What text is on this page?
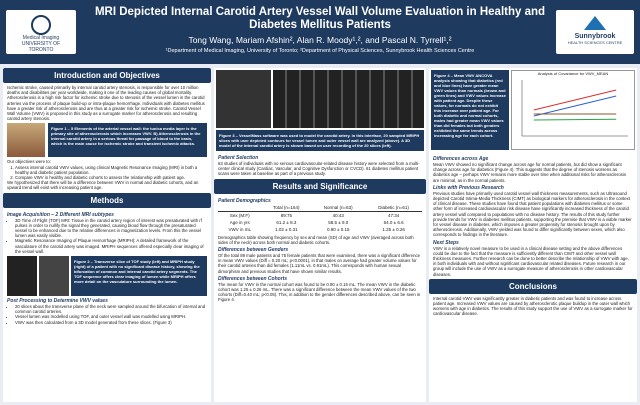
Medical Imaging UNIVERSITY OF TORONTO
MRI Depicted Internal Carotid Artery Vessel Wall Volume Evaluation in Healthy and Diabetes Mellitus Patients
Tong Wang, Mariam Afshin², Alan R. Moody¹,², and Pascal N. Tyrrell¹,²
¹Department of Medical Imaging, University of Toronto; ²Department of Physical Sciences, Sunnybrook Health Sciences Centre
Sunnybrook
HEALTH SCIENCES CENTRE
Introduction and Objectives

Ischemic stroke, caused primarily by internal carotid artery stenosis, is responsible for over 10 million deaths and disabilities per year worldwide, making it one of the leading causes of global mortality. Atherosclerosis is a high risk factor for ischemic stroke due to stenosis of the vessel lumen in the carotid arteries via the process of plaque build-up or intra-plaque hemorrhage. Individuals with diabetes mellitus have a greater risk of atherosclerosis and are thus at a greater risk for ischemic stroke. Carotid Vessel Wall Volume (VWV) is proposed in this study as a surrogate marker for atherosclerosis and resulting carotid artery stenosis.

Figure 1 – 5 Elements of the arterial vessel wall: the tunica media layer is the primary site of atherosclerosis which increases VWV. B) Atherosclerosis in the internal carotid artery in a serious threat for passage of blood to the brain, which is the main cause for ischemic stroke and transient ischemic attacks.

Our objectives were to:

1. Assess internal carotid VWV values, using clinical Magnetic Resonance Imaging (MRI) in both a healthy and diabetic patient population.
2. Compare VWV in healthy and diabetic cohorts to assess the relationship with patient age.

We hypothesized that there will be a difference between VWV in normal and diabetic cohorts, and an upward trend will exist with increasing patient age.

Methods
Image Acquisition – 2 Different MRI subtypes
• 3D Time of Flight (TOF) MRI: Tissue in the carotid artery region of interest was presaturated with rf pulses in order to nullify the signal they generated, causing blood flow through the presaturated vessel to be enhanced due to the relative differences in magnetization levels. From this the vessel lumen was easily visible.
• Magnetic Resonance Imaging of Plaque Hemorrhage (MRIPH): A detailed framework of the vasculature of the carotid artery was imaged. MRIPH sequences offered especially clear imaging of the vessel wall.
Figure 2 – Transverse slice of TOF study (left) and MRIPH study (right) of a patient with no significant disease history, showing the bifurcation of common and internal carotid artery segments. The TOF sequence offers clear imaging of lumen while MRIPH offers more detail on the vasculature surrounding the lumen.
Post Processing to Determine VWV values
• 20 slices about the transverse plane of the neck were sampled around the bifurcation of internal and common carotid arteries.
• Vessel lumen was modelled using TOF, and outer vessel wall was modelled using MRIPH.
• VWV was then calculated from a 3D model generated from these slices. (Figure 3)
Figure 3 – VesselMass software was used to model the carotid artery. In this interface, 20 sampled MRIPH slices with user depicted contours for vessel lumen and outer vessel wall are analyzed (above). A 3D model of the internal carotid artery is shown based on user recording of the 20 slices (left).
Patient Selection

63 studies of individuals with no serious cardiovascular-related disease history were selected from a multi-center clinical study (Cardiac, Vascular, and Cognitive Dysfunction or CVCD). 61 diabetes mellitus patient scans were taken at baseline as part of a previous study.

Results and Significance
Patient Demographics
	Total (n=164)	Normal (n=63)	Diabetic (n=61)
Sex (M:F)	89:75	40:43	47:34
Age in yrs	61.2 ± 8.3	58.5 ± 9.0	64.0 ± 6.6
VWV in mL	1.02 ± 0.31	0.90 ± 0.15	1.25 ± 0.26

Demographics table showing frequency by sex and mean (SD) of age and VWV (averaged across both sides of the neck) across both normal and diabetic cohorts.

Differences between Genders

Of the total 89 male patients and 75 female patients that were examined, there was a significant difference in mean VWV values (Diff = 0.20 mL; p<0.0001), in that males on average had greater volume values for their carotid arteries than did females (1.11mL vs. 0.91mL). This corresponds with human sexual dimorphism and previous studies that have shown similar results.

Differences between Cohorts

The mean for VWV in the normal cohort was found to be 0.90 ± 0.15 mL. The mean VWV in the diabetic cohort was 1.25 ± 0.26 mL. There was a significant difference between the mean VWV values of the two cohorts (Diff=0.40 mL; p<0.05). This, in addition to the gender differences described above, can be seen in Figure 4.

Figure 4 – Mean VWV ANCOVA analysis showing that diabetics (red and blue lines) have greater mean VWV values than normals (brown and green lines) and VWV values increase with patient age. Despite these values, for normals do not exhibit this increase over patient age. For both diabetic and normal cohorts, males had greater mean VWV values than did females but both genders exhibited the same trends across increasing age for each cohort.
Analysis of Covariance for VWV_MEAN
Differences across Age

Mean VWV showed no significant change across age for normal patients, but did show a significant change across age for diabetics (Figure 4). This suggests that the degree of stenosis worsens as diabetics age – perhaps VWV remains more stable over time when additional risks for atherosclerosis are minimal, as in the normal patients.

Links with Previous Research

Previous studies have primarily used carotid vessel wall thickness measurements, such as Ultrasound depicted Carotid Intima-Media Thickness (CIMT) as biological markers for atherosclerosis in the context of clinical disease. These studies have found that patient populations with diabetes mellitus or some other form of increased cardiovascular risk disease have significantly increased thickness of the carotid artery vessel wall compared to populations with no disease history. The results of this study further provide trends for VWV in diabetes mellitus patients, supporting the premise that VWV is a viable marker for vessel disease in diabetes, which imposes a greater propensity for stenosis brought upon by atherosclerosis. Additionally, VWV yielded was found to differ significantly between sexes, which also corresponds to findings in the literature.

Next Steps

VWV is a relatively novel measure to be used in a clinical disease setting and the above differences could be due to the fact that the measure is sufficiently different than CIMT and other vessel wall thickness measures. Further research can be done to better describe the relationship of VWV with age, in both individuals with and without significant cardiovascular related diseases. Future research in our group will include the use of VWV as a surrogate measure of atherosclerosis in other cardiovascular diseases.

Conclusions

Internal carotid VWV was significantly greater in diabetic patients and was found to increase across patient age. Increased VWV values are caused by atherosclerotic plaque buildup in the outer wall which worsens with age in diabetics. The results of this study support the use of VWV as a surrogate marker for cardiovascular disease.
